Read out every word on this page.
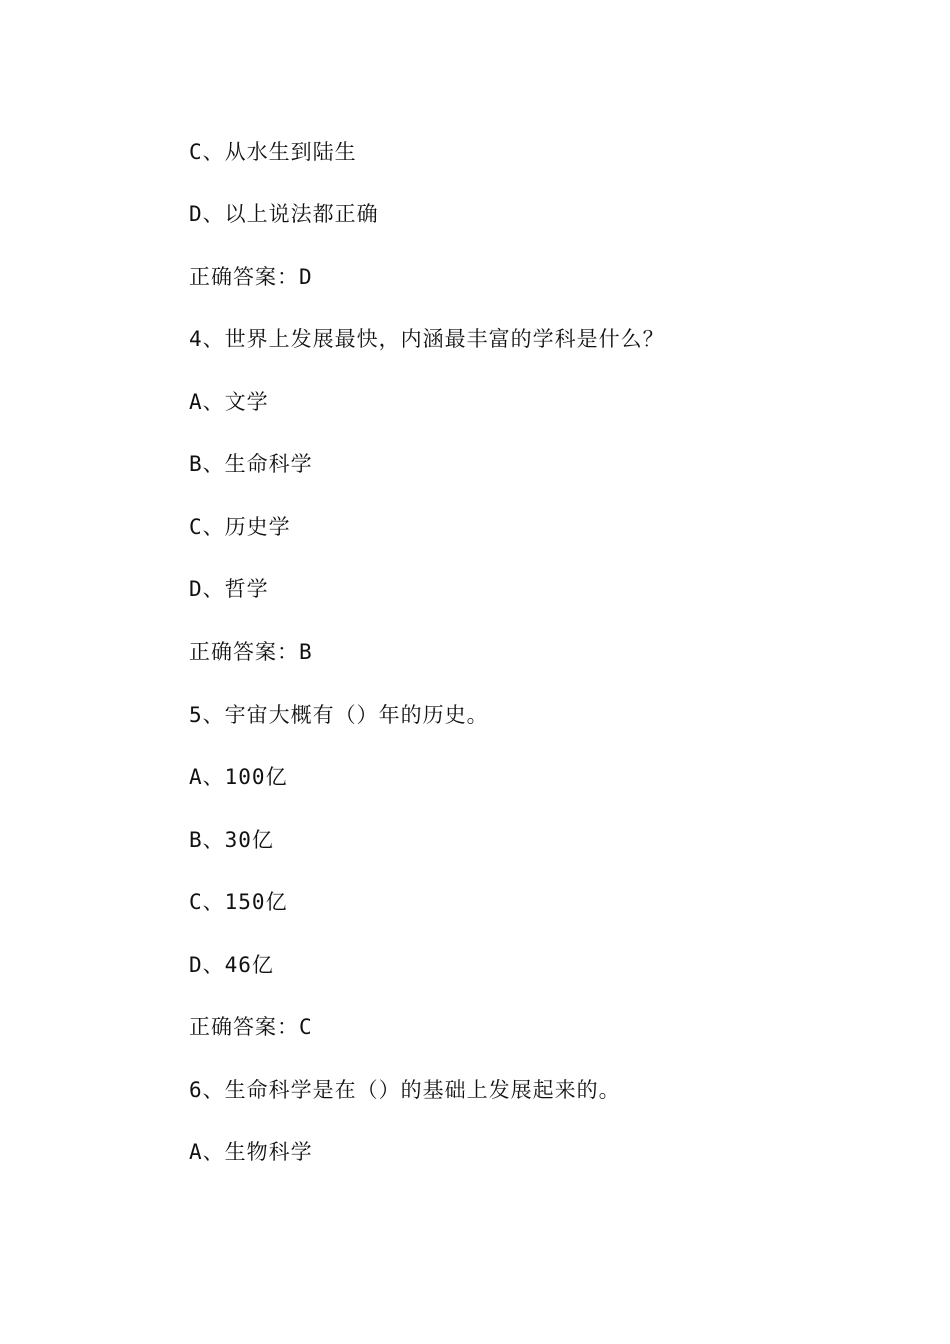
C、从水生到陆生
D、以上说法都正确
正确答案：D
4、世界上发展最快，内涵最丰富的学科是什么？
A、文学
B、生命科学
C、历史学
D、哲学
正确答案：B
5、宇宙大概有（）年的历史。
A、100亿
B、30亿
C、150亿
D、46亿
正确答案：C
6、生命科学是在（）的基础上发展起来的。
A、生物科学
